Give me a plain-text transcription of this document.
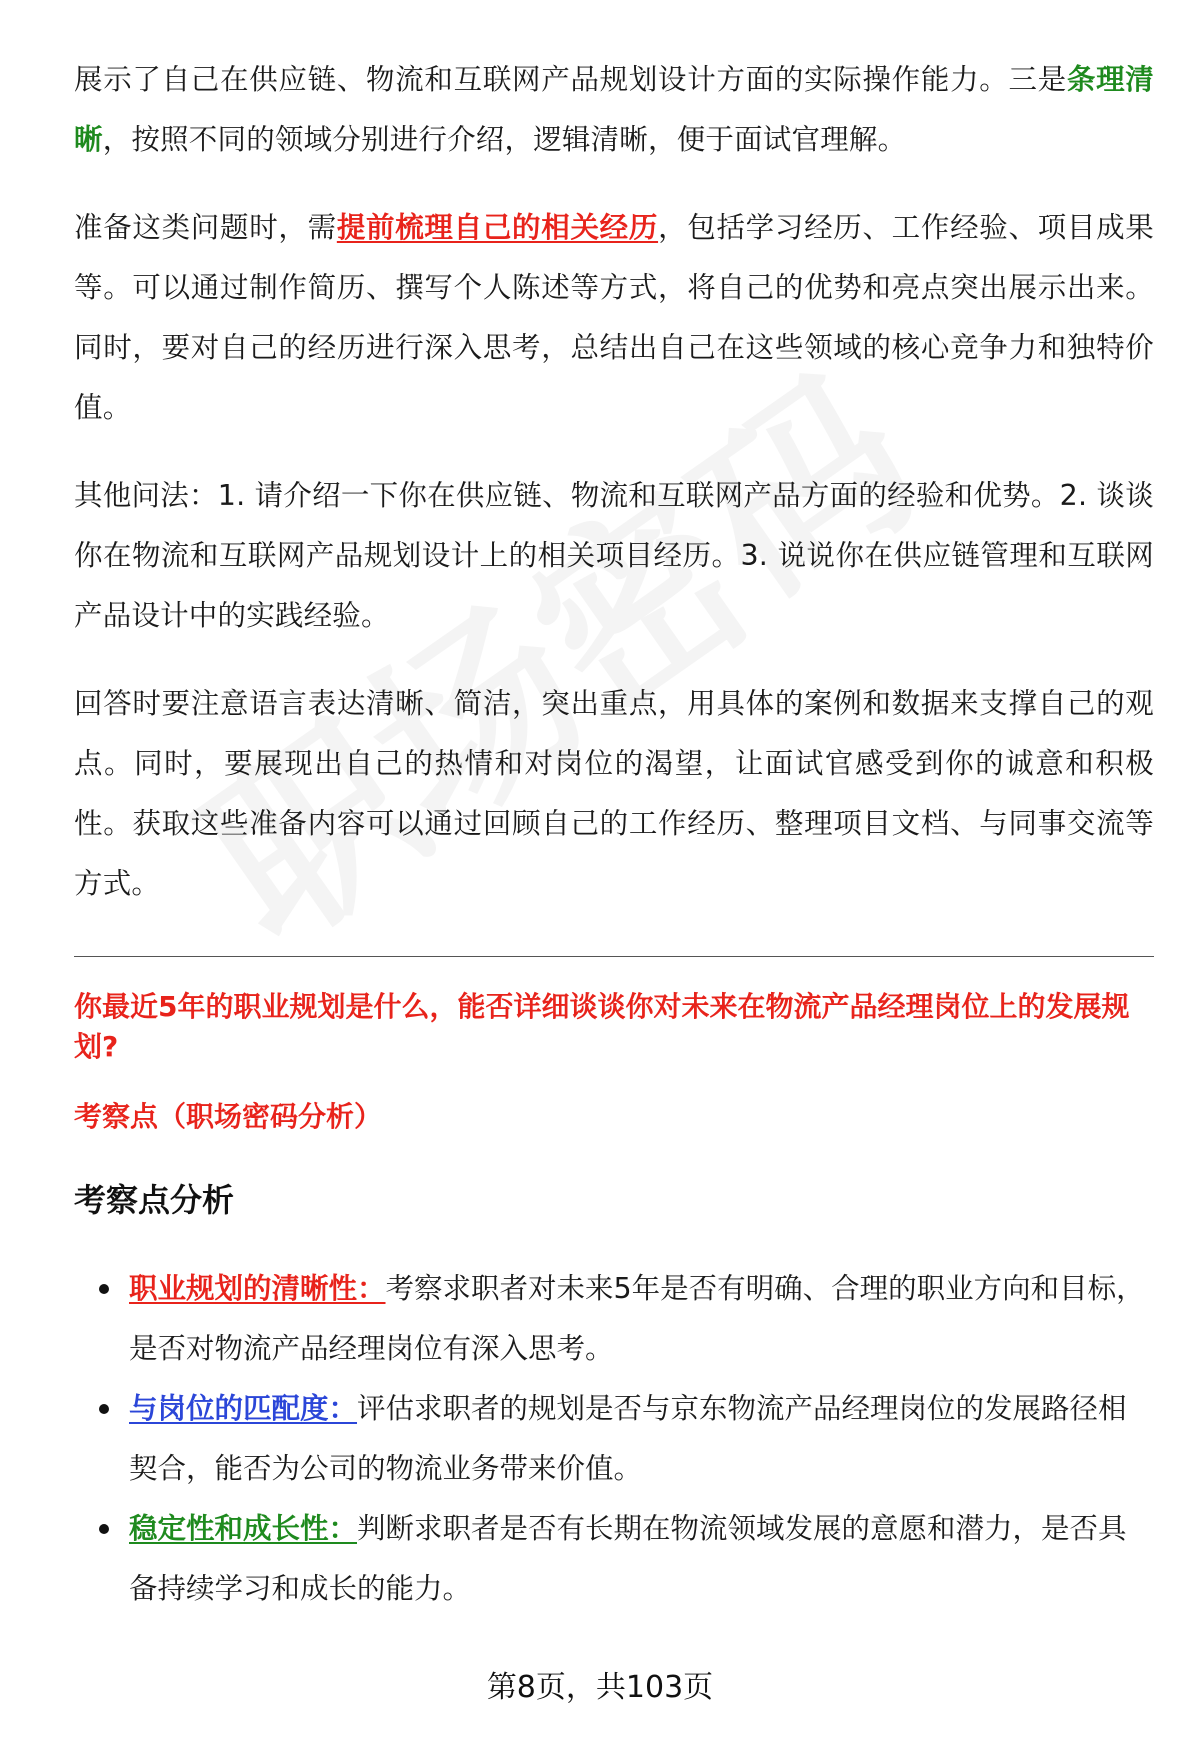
展示了自己在供应链、物流和互联网产品规划设计方面的实际操作能力。三是条理清晰，按照不同的领域分别进行介绍，逻辑清晰，便于面试官理解。

准备这类问题时，需提前梳理自己的相关经历，包括学习经历、工作经验、项目成果等。可以通过制作简历、撰写个人陈述等方式，将自己的优势和亮点突出展示出来。同时，要对自己的经历进行深入思考，总结出自己在这些领域的核心竞争力和独特价值。

其他问法：1. 请介绍一下你在供应链、物流和互联网产品方面的经验和优势。2. 谈谈你在物流和互联网产品规划设计上的相关项目经历。3. 说说你在供应链管理和互联网产品设计中的实践经验。

回答时要注意语言表达清晰、简洁，突出重点，用具体的案例和数据来支撑自己的观点。同时，要展现出自己的热情和对岗位的渴望，让面试官感受到你的诚意和积极性。获取这些准备内容可以通过回顾自己的工作经历、整理项目文档、与同事交流等方式。

你最近5年的职业规划是什么，能否详细谈谈你对未来在物流产品经理岗位上的发展规划?

考察点（职场密码分析）

考察点分析
职业规划的清晰性：考察求职者对未来5年是否有明确、合理的职业方向和目标，是否对物流产品经理岗位有深入思考。
与岗位的匹配度：评估求职者的规划是否与京东物流产品经理岗位的发展路径相契合，能否为公司的物流业务带来价值。
稳定性和成长性：判断求职者是否有长期在物流领域发展的意愿和潜力，是否具备持续学习和成长的能力。
第8页，共103页
